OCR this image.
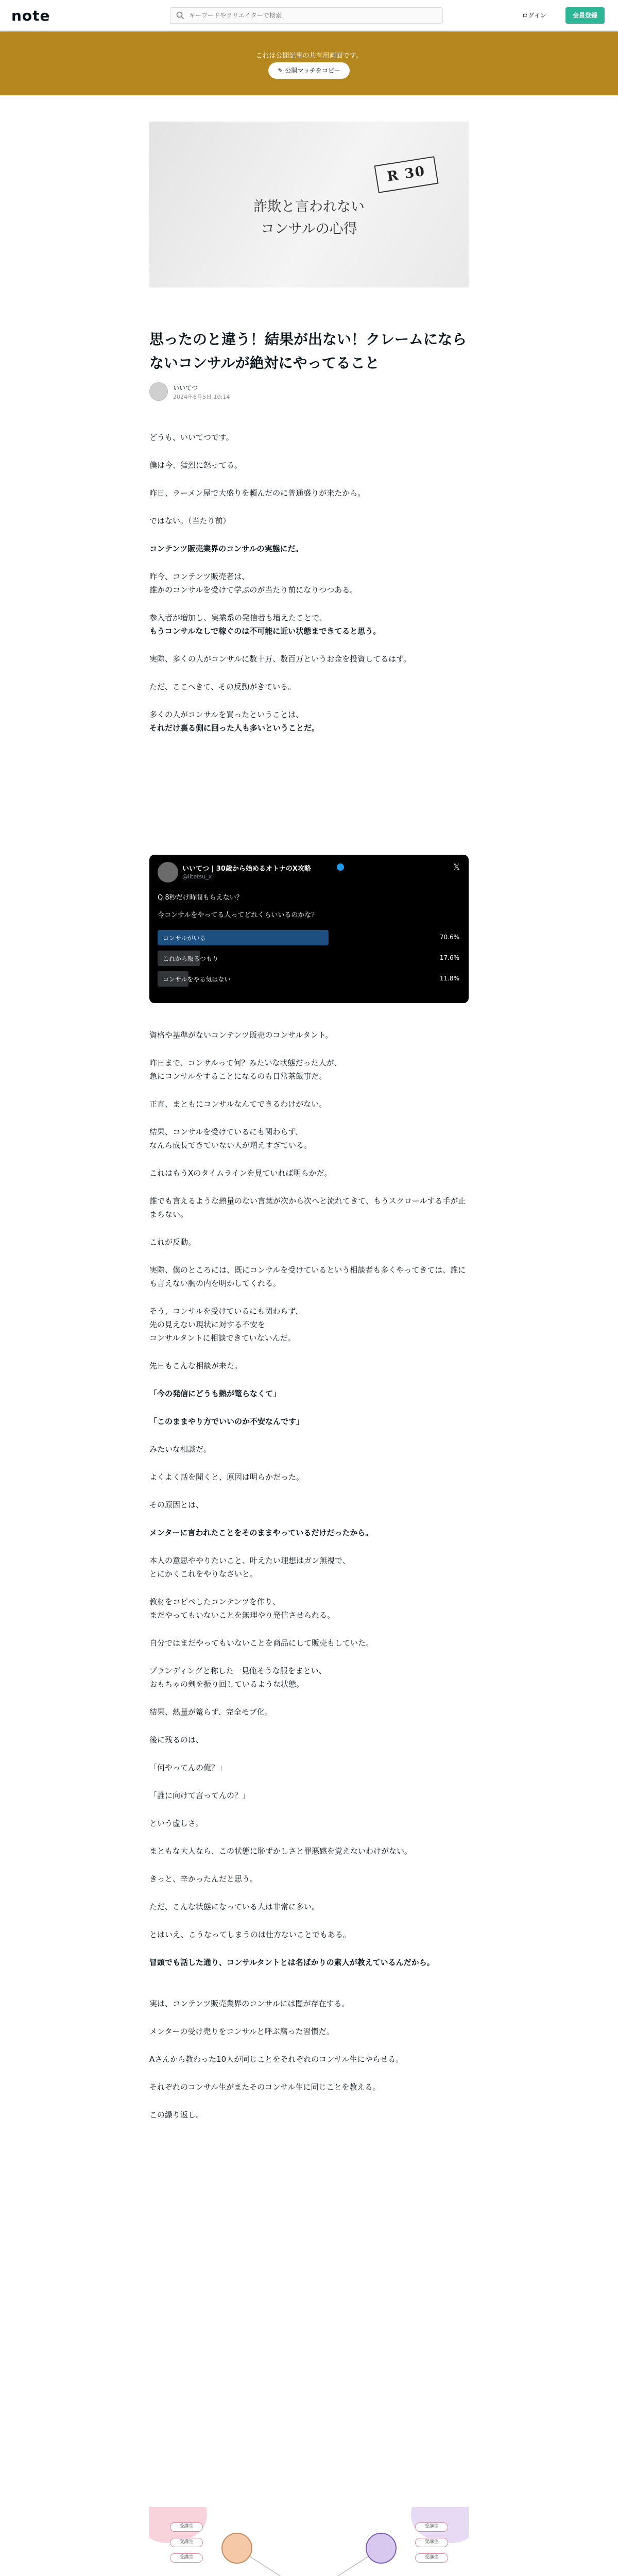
note
キーワードやクリエイターで検索	ログイン	会員登録
これは公開記事の共有用画面です。
✎ 公開マッチをコピー
R 30
詐欺と言われない
コンサルの心得
思ったのと違う！結果が出ない！クレームにならないコンサルが絶対にやってること
いいてつ
2024年6月5日 10:14
どうも、いいてつです。
僕は今、猛烈に怒ってる。
昨日、ラーメン屋で大盛りを頼んだのに普通盛りが来たから。
ではない。（当たり前）
コンテンツ販売業界のコンサルの実態にだ。
昨今、コンテンツ販売者は、
誰かのコンサルを受けて学ぶのが当たり前になりつつある。
参入者が増加し、実業系の発信者も増えたことで、
もうコンサルなしで稼ぐのは不可能に近い状態まできてると思う。
実際、多くの人がコンサルに数十万、数百万というお金を投資してるはず。
ただ、ここへきて、その反動がきている。
多くの人がコンサルを買ったということは、
それだけ裏る側に回った人も多いということだ。
いいてつ | 30歳から始めるオトナのX攻略
@iitetsu_x
𝕏
Q.8秒だけ時間もらえない？
今コンサルをやってる人ってどれくらいいるのかな？
コンサルがいる	70.6%
これから取るつもり	17.6%
コンサルをやる気はない	11.8%
資格や基準がないコンテンツ販売のコンサルタント。
昨日まで、コンサルって何？みたいな状態だった人が、
急にコンサルをすることになるのも日常茶飯事だ。
正直、まともにコンサルなんてできるわけがない。
結果、コンサルを受けているにも関わらず、
なんら成長できていない人が増えすぎている。
これはもうXのタイムラインを見ていれば明らかだ。
誰でも言えるような熱量のない言葉が次から次へと流れてきて、もうスクロールする手が止まらない。
これが反動。
実際、僕のところには、既にコンサルを受けているという相談者も多くやってきては、誰にも言えない胸の内を明かしてくれる。
そう、コンサルを受けているにも関わらず、
先の見えない現状に対する不安を
コンサルタントに相談できていないんだ。
先日もこんな相談が来た。
「今の発信にどうも熱が篭らなくて」
「このままやり方でいいのか不安なんです」
みたいな相談だ。
よくよく話を聞くと、原因は明らかだった。
その原因とは、
メンターに言われたことをそのままやっているだけだったから。
本人の意思ややりたいこと、叶えたい理想はガン無視で、
とにかくこれをやりなさいと。
教材をコピペしたコンテンツを作り、
まだやってもいないことを無理やり発信させられる。
自分ではまだやってもいないことを商品にして販売もしていた。
ブランディングと称した一見俺そうな服をまとい、
おもちゃの剣を振り回しているような状態。
結果、熱量が篭らず、完全モブ化。
後に残るのは、
「何やってんの俺？」
「誰に向けて言ってんの？」
という虚しさ。
まともな大人なら、この状態に恥ずかしさと罪悪感を覚えないわけがない。
きっと、辛かったんだと思う。
ただ、こんな状態になっている人は非常に多い。
とはいえ、こうなってしまうのは仕方ないことでもある。
冒頭でも話した通り、コンサルタントとは名ばかりの素人が教えているんだから。
実は、コンテンツ販売業界のコンサルには闇が存在する。
メンターの受け売りをコンサルと呼ぶ腐った習慣だ。
Aさんから教わった10人が同じことをそれぞれのコンサル生にやらせる。
それぞれのコンサル生がまたそのコンサル生に同じことを教える。
この繰り返し。
受講生
受講生
受講生
受講生
受講生
受講生
